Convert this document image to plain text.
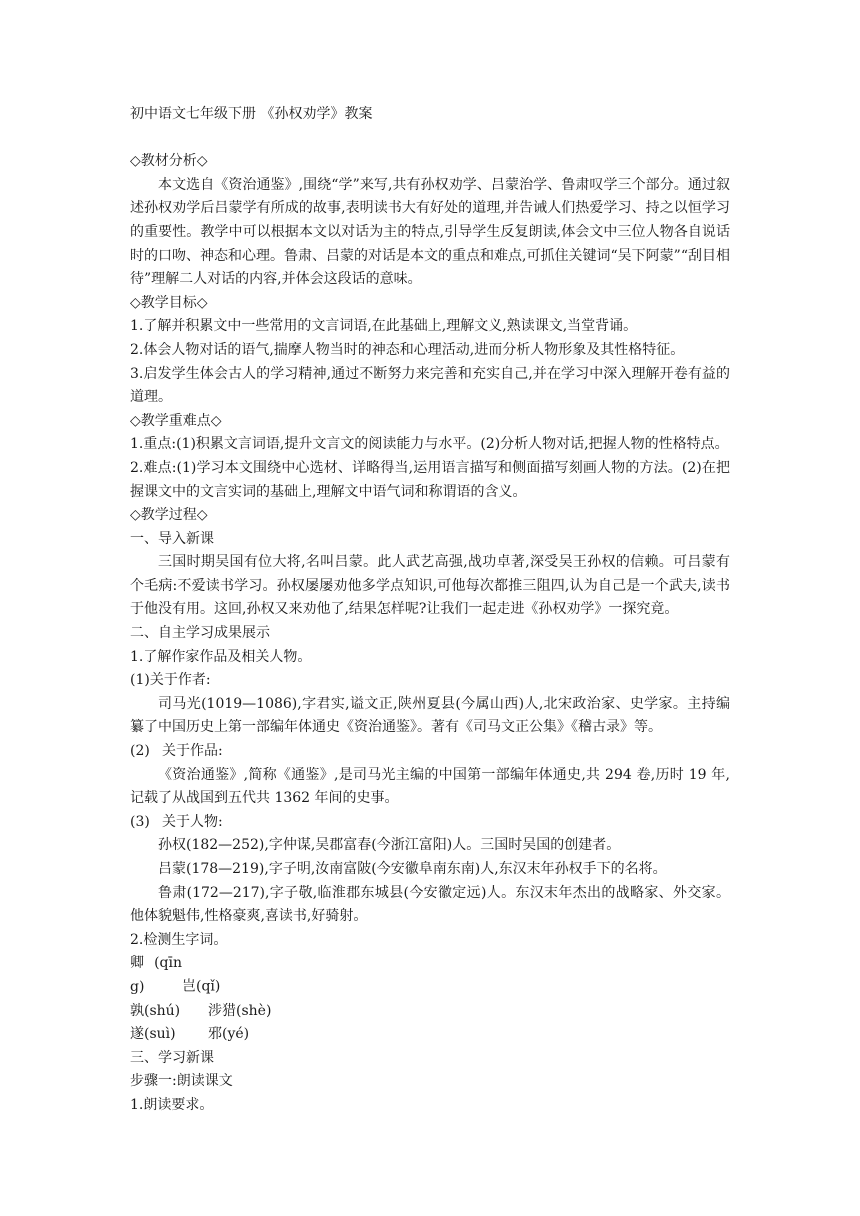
初中语文七年级下册 《孙权劝学》教案

◇教材分析◇

本文选自《资治通鉴》,围绕“学”来写,共有孙权劝学、吕蒙治学、鲁肃叹学三个部分。通过叙述孙权劝学后吕蒙学有所成的故事,表明读书大有好处的道理,并告诫人们热爱学习、持之以恒学习的重要性。教学中可以根据本文以对话为主的特点,引导学生反复朗读,体会文中三位人物各自说话时的口吻、神态和心理。鲁肃、吕蒙的对话是本文的重点和难点,可抓住关键词“吴下阿蒙”“刮目相待”理解二人对话的内容,并体会这段话的意味。

◇教学目标◇

1.了解并积累文中一些常用的文言词语,在此基础上,理解文义,熟读课文,当堂背诵。

2.体会人物对话的语气,揣摩人物当时的神态和心理活动,进而分析人物形象及其性格特征。

3.启发学生体会古人的学习精神,通过不断努力来完善和充实自己,并在学习中深入理解开卷有益的道理。

◇教学重难点◇

1.重点:(1)积累文言词语,提升文言文的阅读能力与水平。(2)分析人物对话,把握人物的性格特点。

2.难点:(1)学习本文围绕中心选材、详略得当,运用语言描写和侧面描写刻画人物的方法。(2)在把握课文中的文言实词的基础上,理解文中语气词和称谓语的含义。

◇教学过程◇

一、导入新课

三国时期吴国有位大将,名叫吕蒙。此人武艺高强,战功卓著,深受吴王孙权的信赖。可吕蒙有个毛病:不爱读书学习。孙权屡屡劝他多学点知识,可他每次都推三阻四,认为自己是一个武夫,读书于他没有用。这回,孙权又来劝他了,结果怎样呢?让我们一起走进《孙权劝学》一探究竟。

二、自主学习成果展示

1.了解作家作品及相关人物。

(1)关于作者:

司马光(1019—1086),字君实,谥文正,陕州夏县(今属山西)人,北宋政治家、史学家。主持编纂了中国历史上第一部编年体通史《资治通鉴》。著有《司马文正公集》《稽古录》等。

(2) 关于作品:

《资治通鉴》,简称《通鉴》,是司马光主编的中国第一部编年体通史,共 294 卷,历时 19 年,记载了从战国到五代共 1362 年间的史事。

(3) 关于人物:

孙权(182—252),字仲谋,吴郡富春(今浙江富阳)人。三国时吴国的创建者。

吕蒙(178—219),字子明,汝南富陂(今安徽阜南东南)人,东汉末年孙权手下的名将。

鲁肃(172—217),字子敬,临淮郡东城县(今安徽定远)人。东汉末年杰出的战略家、外交家。他体貌魁伟,性格豪爽,喜读书,好骑射。

2.检测生字词。

卿(qīng)	岂(qǐ)

孰(shú) 涉猎(shè)

遂(suì) 邪(yé)

三、学习新课

步骤一:朗读课文

1.朗读要求。
